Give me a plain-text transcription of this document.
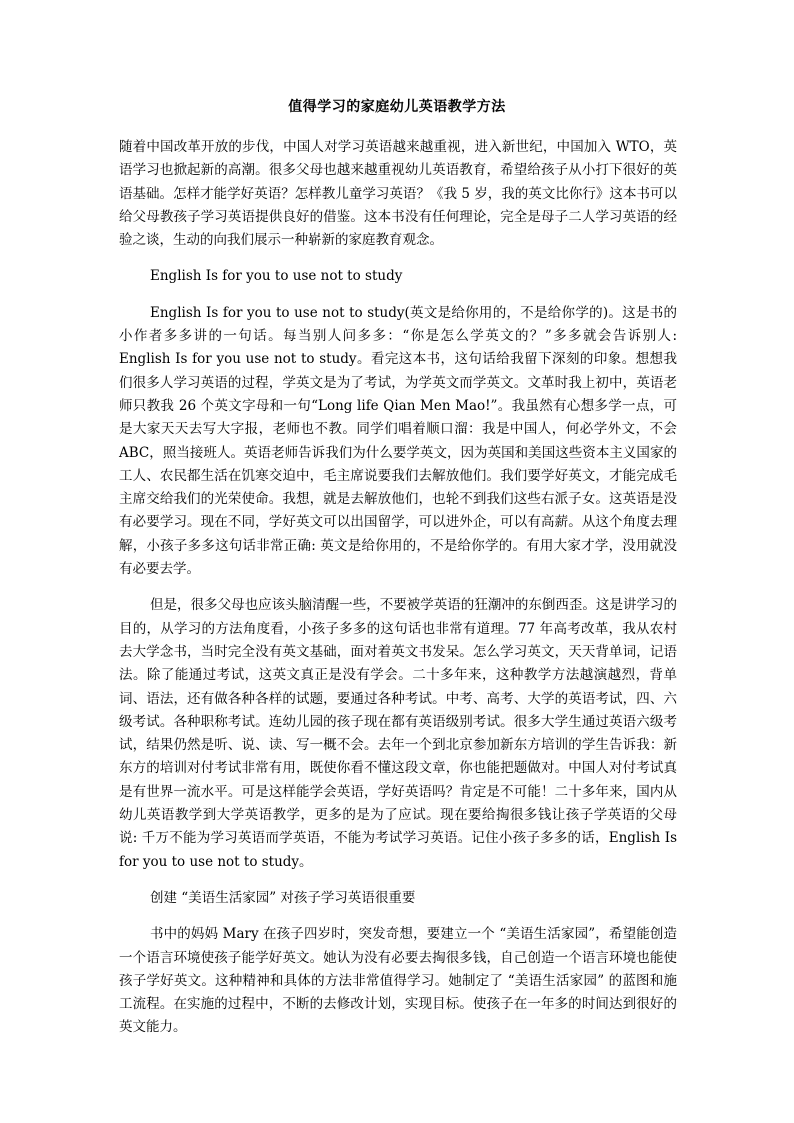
值得学习的家庭幼儿英语教学方法

随着中国改革开放的步伐，中国人对学习英语越来越重视，进入新世纪，中国加入 WTO，英语学习也掀起新的高潮。很多父母也越来越重视幼儿英语教育，希望给孩子从小打下很好的英语基础。怎样才能学好英语？怎样教儿童学习英语？《我 5 岁，我的英文比你行》这本书可以给父母教孩子学习英语提供良好的借鉴。这本书没有任何理论，完全是母子二人学习英语的经验之谈，生动的向我们展示一种崭新的家庭教育观念。

English Is for you to use not to study

English Is for you to use not to study(英文是给你用的，不是给你学的)。这是书的小作者多多讲的一句话。每当别人问多多：“你是怎么学英文的？”多多就会告诉别人: English Is for you use not to study。看完这本书，这句话给我留下深刻的印象。想想我们很多人学习英语的过程，学英文是为了考试，为学英文而学英文。文革时我上初中，英语老师只教我 26 个英文字母和一句“Long life Qian Men Mao!”。我虽然有心想多学一点，可是大家天天去写大字报，老师也不教。同学们唱着顺口溜：我是中国人，何必学外文，不会 ABC，照当接班人。英语老师告诉我们为什么要学英文，因为英国和美国这些资本主义国家的工人、农民都生活在饥寒交迫中，毛主席说要我们去解放他们。我们要学好英文，才能完成毛主席交给我们的光荣使命。我想，就是去解放他们，也轮不到我们这些右派子女。这英语是没有必要学习。现在不同，学好英文可以出国留学，可以进外企，可以有高薪。从这个角度去理解，小孩子多多这句话非常正确: 英文是给你用的，不是给你学的。有用大家才学，没用就没有必要去学。

但是，很多父母也应该头脑清醒一些，不要被学英语的狂潮冲的东倒西歪。这是讲学习的目的，从学习的方法角度看，小孩子多多的这句话也非常有道理。77 年高考改革，我从农村去大学念书，当时完全没有英文基础，面对着英文书发呆。怎么学习英文，天天背单词，记语法。除了能通过考试，这英文真正是没有学会。二十多年来，这种教学方法越演越烈，背单词、语法，还有做各种各样的试题，要通过各种考试。中考、高考、大学的英语考试，四、六级考试。各种职称考试。连幼儿园的孩子现在都有英语级别考试。很多大学生通过英语六级考试，结果仍然是听、说、读、写一概不会。去年一个到北京参加新东方培训的学生告诉我：新东方的培训对付考试非常有用，既使你看不懂这段文章，你也能把题做对。中国人对付考试真是有世界一流水平。可是这样能学会英语，学好英语吗？肯定是不可能！二十多年来，国内从幼儿英语教学到大学英语教学，更多的是为了应试。现在要给掏很多钱让孩子学英语的父母说: 千万不能为学习英语而学英语，不能为考试学习英语。记住小孩子多多的话，English Is for you to use not to study。

创建 “美语生活家园” 对孩子学习英语很重要

书中的妈妈 Mary 在孩子四岁时，突发奇想，要建立一个 “美语生活家园”，希望能创造一个语言环境使孩子能学好英文。她认为没有必要去掏很多钱，自己创造一个语言环境也能使孩子学好英文。这种精神和具体的方法非常值得学习。她制定了 “美语生活家园” 的蓝图和施工流程。在实施的过程中，不断的去修改计划，实现目标。使孩子在一年多的时间达到很好的英文能力。
